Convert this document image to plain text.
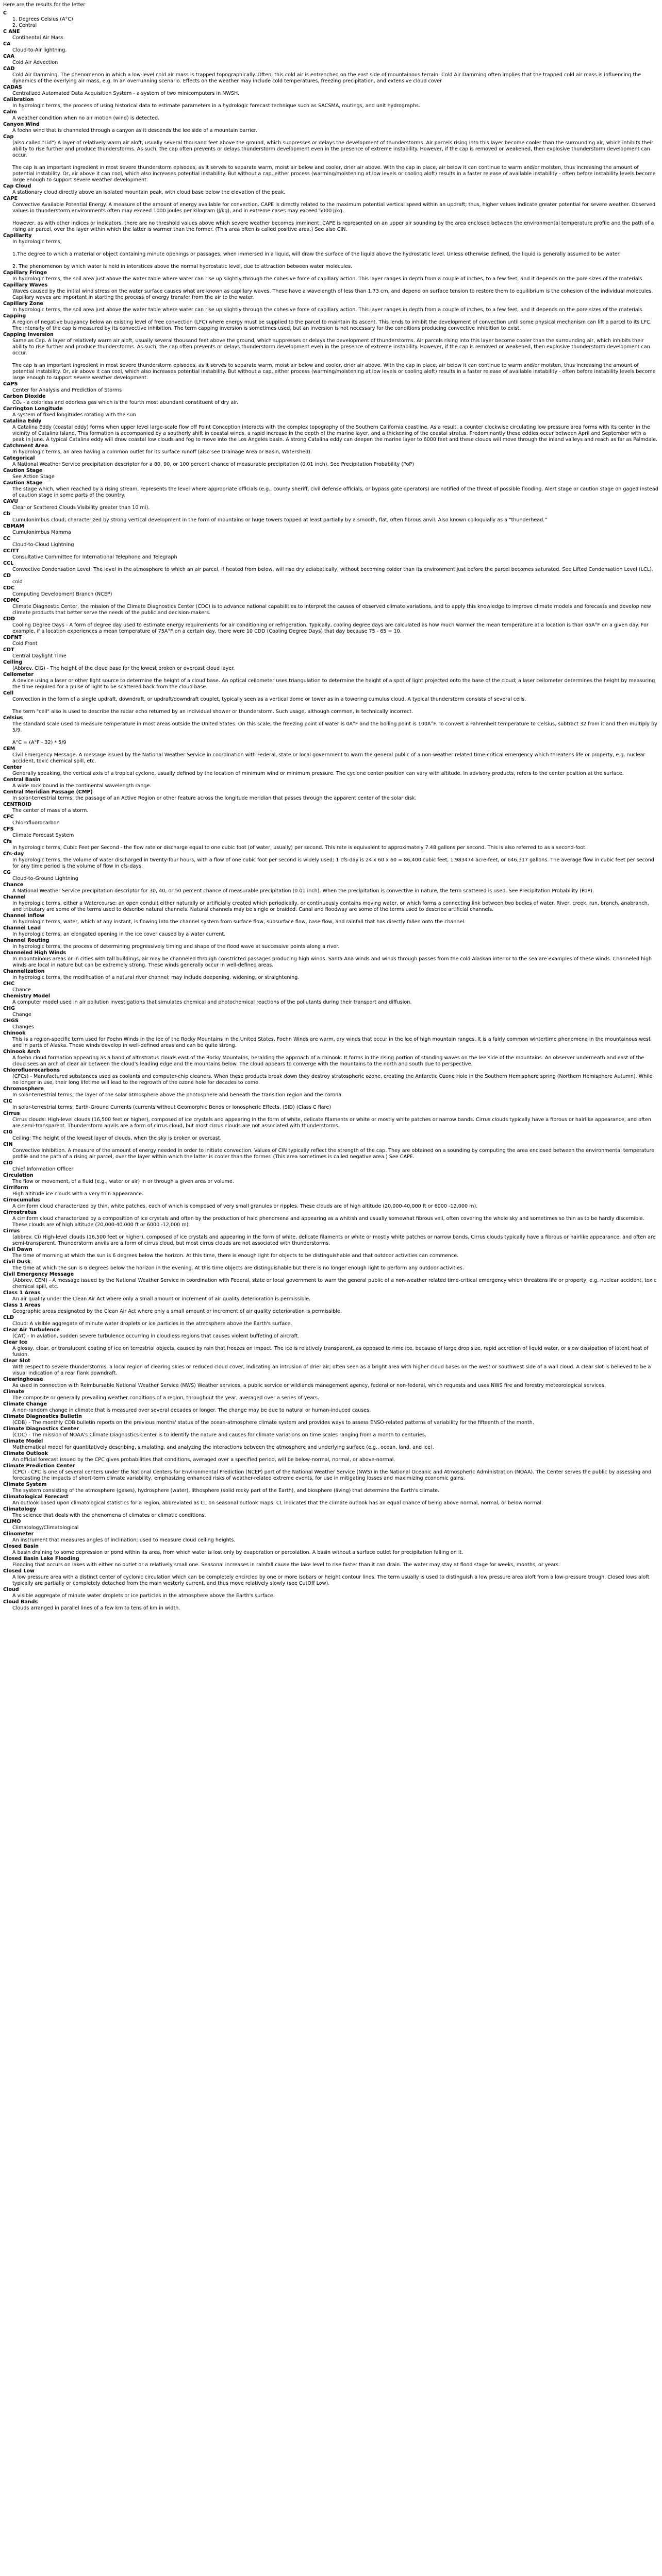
Here are the results for the letter

C

1. Degrees Celsius (A°C)
2. Central
C ANE
Continental Air Mass
CA
Cloud-to-Air lightning.
CAA
Cold Air Advection
CAD
Cold Air Damming. The phenomenon in which a low-level cold air mass is trapped topographically. Often, this cold air is entrenched on the east side of mountainous terrain. Cold Air Damming often implies that the trapped cold air mass is influencing the dynamics of the overlying air mass, e.g. In an overrunning scenario. Effects on the weather may include cold temperatures, freezing precipitation, and extensive cloud cover
CADAS
Centralized Automated Data Acquisition System - a system of two minicomputers in NWSH.
Calibration
In hydrologic terms, the process of using historical data to estimate parameters in a hydrologic forecast technique such as SACSMA, routings, and unit hydrographs.
Calm
A weather condition when no air motion (wind) is detected.
Canyon Wind
A foehn wind that is channeled through a canyon as it descends the lee side of a mountain barrier.
Cap
(also called "Lid") A layer of relatively warm air aloft, usually several thousand feet above the ground, which suppresses or delays the development of thunderstorms. Air parcels rising into this layer become cooler than the surrounding air, which inhibits their ability to rise further and produce thunderstorms. As such, the cap often prevents or delays thunderstorm development even in the presence of extreme instability. However, if the cap is removed or weakened, then explosive thunderstorm development can occur.

The cap is an important ingredient in most severe thunderstorm episodes, as it serves to separate warm, moist air below and cooler, drier air above. With the cap in place, air below it can continue to warm and/or moisten, thus increasing the amount of potential instability. Or, air above it can cool, which also increases potential instability. But without a cap, either process (warming/moistening at low levels or cooling aloft) results in a faster release of available instability - often before instability levels become large enough to support severe weather development.
Cap Cloud
A stationary cloud directly above an isolated mountain peak, with cloud base below the elevation of the peak.
CAPE
Convective Available Potential Energy. A measure of the amount of energy available for convection. CAPE is directly related to the maximum potential vertical speed within an updraft; thus, higher values indicate greater potential for severe weather. Observed values in thunderstorm environments often may exceed 1000 joules per kilogram (J/kg), and in extreme cases may exceed 5000 J/kg.

However, as with other indices or indicators, there are no threshold values above which severe weather becomes imminent. CAPE is represented on an upper air sounding by the area enclosed between the environmental temperature profile and the path of a rising air parcel, over the layer within which the latter is warmer than the former. (This area often is called positive area.) See also CIN.
Capillarity
In hydrologic terms,

1.The degree to which a material or object containing minute openings or passages, when immersed in a liquid, will draw the surface of the liquid above the hydrostatic level. Unless otherwise defined, the liquid is generally assumed to be water.

2. The phenomenon by which water is held in interstices above the normal hydrostatic level, due to attraction between water molecules.
Capillary Fringe
In hydrologic terms, the soil area just above the water table where water can rise up slightly through the cohesive force of capillary action. This layer ranges in depth from a couple of inches, to a few feet, and it depends on the pore sizes of the materials.
Capillary Waves
Waves caused by the initial wind stress on the water surface causes what are known as capillary waves. These have a wavelength of less than 1.73 cm, and depend on surface tension to restore them to equilibrium is the cohesion of the individual molecules. Capillary waves are important in starting the process of energy transfer from the air to the water.
Capillary Zone
In hydrologic terms, the soil area just above the water table where water can rise up slightly through the cohesive force of capillary action. This layer ranges in depth from a couple of inches, to a few feet, and it depends on the pore sizes of the materials.
Capping
A region of negative buoyancy below an existing level of free convection (LFC) where energy must be supplied to the parcel to maintain its ascent. This lends to inhibit the development of convection until some physical mechanism can lift a parcel to its LFC. The intensity of the cap is measured by its convective inhibition. The term capping inversion is sometimes used, but an inversion is not necessary for the conditions producing convective inhibition to exist.
Capping Inversion
Same as Cap. A layer of relatively warm air aloft, usually several thousand feet above the ground, which suppresses or delays the development of thunderstorms. Air parcels rising into this layer become cooler than the surrounding air, which inhibits their ability to rise further and produce thunderstorms. As such, the cap often prevents or delays thunderstorm development even in the presence of extreme instability. However, if the cap is removed or weakened, then explosive thunderstorm development can occur.

The cap is an important ingredient in most severe thunderstorm episodes, as it serves to separate warm, moist air below and cooler, drier air above. With the cap in place, air below it can continue to warm and/or moisten, thus increasing the amount of potential instability. Or, air above it can cool, which also increases potential instability. But without a cap, either process (warming/moistening at low levels or cooling aloft) results in a faster release of available instability - often before instability levels become large enough to support severe weather development.
CAPS
Center for Analysis and Prediction of Storms
Carbon Dioxide
CO₂ - a colorless and odorless gas which is the fourth most abundant constituent of dry air.
Carrington Longitude
A system of fixed longitudes rotating with the sun
Catalina Eddy
A Catalina Eddy (coastal eddy) forms when upper level large-scale flow off Point Conception interacts with the complex topography of the Southern California coastline. As a result, a counter clockwise circulating low pressure area forms with its center in the vicinity of Catalina Island. This formation is accompanied by a southerly shift in coastal winds, a rapid increase in the depth of the marine layer, and a thickening of the coastal stratus. Predominantly these eddies occur between April and September with a peak in June. A typical Catalina eddy will draw coastal low clouds and fog to move into the Los Angeles basin. A strong Catalina eddy can deepen the marine layer to 6000 feet and these clouds will move through the inland valleys and reach as far as Palmdale.
Catchment Area
In hydrologic terms, an area having a common outlet for its surface runoff (also see Drainage Area or Basin, Watershed).
Categorical
A National Weather Service precipitation descriptor for a 80, 90, or 100 percent chance of measurable precipitation (0.01 inch). See Precipitation Probability (PoP)
Caution Stage
See Action Stage
Caution Stage
The stage which, when reached by a rising stream, represents the level where appropriate officials (e.g., county sheriff, civil defense officials, or bypass gate operators) are notified of the threat of possible flooding. Alert stage or caution stage on gaged instead of caution stage in some parts of the country.
CAVU
Clear or Scattered Clouds Visibility greater than 10 mi).
Cb
Cumulonimbus cloud; characterized by strong vertical development in the form of mountains or huge towers topped at least partially by a smooth, flat, often fibrous anvil. Also known colloquially as a "thunderhead."
CBMAM
Cumulonimbus Mamma
CC
Cloud-to-Cloud Lightning
CCITT
Consultative Committee for International Telephone and Telegraph
CCL
Convective Condensation Level: The level in the atmosphere to which an air parcel, if heated from below, will rise dry adiabatically, without becoming colder than its environment just before the parcel becomes saturated. See Lifted Condensation Level (LCL).
CD
cold
CDC
Computing Development Branch (NCEP)
CDMC
Climate Diagnostic Center, the mission of the Climate Diagnostics Center (CDC) is to advance national capabilities to interpret the causes of observed climate variations, and to apply this knowledge to improve climate models and forecasts and develop new climate products that better serve the needs of the public and decision-makers.
CDD
Cooling Degree Days - A form of degree day used to estimate energy requirements for air conditioning or refrigeration. Typically, cooling degree days are calculated as how much warmer the mean temperature at a location is than 65A°F on a given day. For example, if a location experiences a mean temperature of 75A°F on a certain day, there were 10 CDD (Cooling Degree Days) that day because 75 - 65 = 10.
CDFNT
Cold Front
CDT
Central Daylight Time
Ceiling
(Abbrev. CIG) - The height of the cloud base for the lowest broken or overcast cloud layer.
Ceilometer
A device using a laser or other light source to determine the height of a cloud base. An optical ceilometer uses triangulation to determine the height of a spot of light projected onto the base of the cloud; a laser ceilometer determines the height by measuring the time required for a pulse of light to be scattered back from the cloud base.
Cell
Convection in the form of a single updraft, downdraft, or updraft/downdraft couplet, typically seen as a vertical dome or tower as in a towering cumulus cloud. A typical thunderstorm consists of several cells.

The term "cell" also is used to describe the radar echo returned by an individual shower or thunderstorm. Such usage, although common, is technically incorrect.
Celsius
The standard scale used to measure temperature in most areas outside the United States. On this scale, the freezing point of water is 0A°F and the boiling point is 100A°F. To convert a Fahrenheit temperature to Celsius, subtract 32 from it and then multiply by 5/9.

A°C = (A°F - 32) * 5/9
CEM
Civil Emergency Message. A message issued by the National Weather Service in coordination with Federal, state or local government to warn the general public of a non-weather related time-critical emergency which threatens life or property, e.g. nuclear accident, toxic chemical spill, etc.
Center
Generally speaking, the vertical axis of a tropical cyclone, usually defined by the location of minimum wind or minimum pressure. The cyclone center position can vary with altitude. In advisory products, refers to the center position at the surface.
Central Basin
A wide rock bound in the continental wavelength range.
Central Meridian Passage (CMP)
In solar-terrestrial terms, the passage of an Active Region or other feature across the longitude meridian that passes through the apparent center of the solar disk.
CENTROID
The center of mass of a storm.
CFC
Chlorofluorocarbon
CFS
Climate Forecast System
Cfs
In hydrologic terms, Cubic Feet per Second - the flow rate or discharge equal to one cubic foot (of water, usually) per second. This rate is equivalent to approximately 7.48 gallons per second. This is also referred to as a second-foot.
Cfs-day
In hydrologic terms, the volume of water discharged in twenty-four hours, with a flow of one cubic foot per second is widely used; 1 cfs-day is 24 x 60 x 60 = 86,400 cubic feet, 1.983474 acre-feet, or 646,317 gallons. The average flow in cubic feet per second for any time period is the volume of flow in cfs-days.
CG
Cloud-to-Ground Lightning
Chance
A National Weather Service precipitation descriptor for 30, 40, or 50 percent chance of measurable precipitation (0.01 inch). When the precipitation is convective in nature, the term scattered is used. See Precipitation Probability (PoP).
Channel
In hydrologic terms, either a Watercourse; an open conduit either naturally or artificially created which periodically, or continuously contains moving water, or which forms a connecting link between two bodies of water. River, creek, run, branch, anabranch, and tributary are some of the terms used to describe natural channels. Natural channels may be single or braided. Canal and floodway are some of the terms used to describe artificial channels.
Channel Inflow
In hydrologic terms, water, which at any instant, is flowing into the channel system from surface flow, subsurface flow, base flow, and rainfall that has directly fallen onto the channel.
Channel Lead
In hydrologic terms, an elongated opening in the ice cover caused by a water current.
Channel Routing
In hydrologic terms, the process of determining progressively timing and shape of the flood wave at successive points along a river.
Channeled High Winds
In mountainous areas or in cities with tall buildings, air may be channeled through constricted passages producing high winds. Santa Ana winds and winds through passes from the cold Alaskan interior to the sea are examples of these winds. Channeled high winds are local in nature but can be extremely strong. These winds generally occur in well-defined areas.
Channelization
In hydrologic terms, the modification of a natural river channel; may include deepening, widening, or straightening.
CHC
Chance
Chemistry Model
A computer model used in air pollution investigations that simulates chemical and photochemical reactions of the pollutants during their transport and diffusion.
CHG
Change
CHGS
Changes
Chinook
This is a region-specific term used for Foehn Winds in the lee of the Rocky Mountains in the United States. Foehn Winds are warm, dry winds that occur in the lee of high mountain ranges. It is a fairly common wintertime phenomena in the mountainous west and in parts of Alaska. These winds develop in well-defined areas and can be quite strong.
Chinook Arch
A foehn cloud formation appearing as a band of altostratus clouds east of the Rocky Mountains, heralding the approach of a chinook. It forms in the rising portion of standing waves on the lee side of the mountains. An observer underneath and east of the cloud sees an arch of clear air between the cloud's leading edge and the mountains below. The cloud appears to converge with the mountains to the north and south due to perspective.
Chlorofluorocarbons
(CFCs) - Manufactured substances used as coolants and computer-chip cleaners. When these products break down they destroy stratospheric ozone, creating the Antarctic Ozone Hole in the Southern Hemisphere spring (Northern Hemisphere Autumn). While no longer in use, their long lifetime will lead to the regrowth of the ozone hole for decades to come.
Chromosphere
In solar-terrestrial terms, the layer of the solar atmosphere above the photosphere and beneath the transition region and the corona.
CIC
In solar-terrestrial terms, Earth-Ground Currents (currents without Geomorphic Bends or Ionospheric Effects. (SID) (Class C flare)
Cirrus
Cirrus clouds: High-level clouds (16,500 feet or higher), composed of ice crystals and appearing in the form of white, delicate filaments or white or mostly white patches or narrow bands. Cirrus clouds typically have a fibrous or hairlike appearance, and often are semi-transparent. Thunderstorm anvils are a form of cirrus cloud, but most cirrus clouds are not associated with thunderstorms.
CIG
Ceiling: The height of the lowest layer of clouds, when the sky is broken or overcast.
CIN
Convective Inhibition. A measure of the amount of energy needed in order to initiate convection. Values of CIN typically reflect the strength of the cap. They are obtained on a sounding by computing the area enclosed between the environmental temperature profile and the path of a rising air parcel, over the layer within which the latter is cooler than the former. (This area sometimes is called negative area.) See CAPE.
CIO
Chief Information Officer
Circulation
The flow or movement, of a fluid (e.g., water or air) in or through a given area or volume.
Cirriform
High altitude ice clouds with a very thin appearance.
Cirrocumulus
A cirriform cloud characterized by thin, white patches, each of which is composed of very small granules or ripples. These clouds are of high altitude (20,000-40,000 ft or 6000 -12,000 m).
Cirrostratus
A cirriform cloud characterized by a composition of ice crystals and often by the production of halo phenomena and appearing as a whitish and usually somewhat fibrous veil, often covering the whole sky and sometimes so thin as to be hardly discernible. These clouds are of high altitude (20,000-40,000 ft or 6000 -12,000 m).
Cirrus
(abbrev. Ci) High-level clouds (16,500 feet or higher), composed of ice crystals and appearing in the form of white, delicate filaments or white or mostly white patches or narrow bands. Cirrus clouds typically have a fibrous or hairlike appearance, and often are semi-transparent. Thunderstorm anvils are a form of cirrus cloud, but most cirrus clouds are not associated with thunderstorms.
Civil Dawn
The time of morning at which the sun is 6 degrees below the horizon. At this time, there is enough light for objects to be distinguishable and that outdoor activities can commence.
Civil Dusk
The time at which the sun is 6 degrees below the horizon in the evening. At this time objects are distinguishable but there is no longer enough light to perform any outdoor activities.
Civil Emergency Message
(Abbrev. CEM) - A message issued by the National Weather Service in coordination with Federal, state or local government to warn the general public of a non-weather related time-critical emergency which threatens life or property, e.g. nuclear accident, toxic chemical spill, etc.
Class 1 Areas
An air quality under the Clean Air Act where only a small amount or increment of air quality deterioration is permissible.
Class 1 Areas
Geographic areas designated by the Clean Air Act where only a small amount or increment of air quality deterioration is permissible.
CLD
Cloud: A visible aggregate of minute water droplets or ice particles in the atmosphere above the Earth's surface.
Clear Air Turbulence
(CAT) - In aviation, sudden severe turbulence occurring in cloudless regions that causes violent buffeting of aircraft.
Clear Ice
A glossy, clear, or translucent coating of ice on terrestrial objects, caused by rain that freezes on impact. The ice is relatively transparent, as opposed to rime ice, because of large drop size, rapid accretion of liquid water, or slow dissipation of latent heat of fusion.
Clear Slot
With respect to severe thunderstorms, a local region of clearing skies or reduced cloud cover, indicating an intrusion of drier air; often seen as a bright area with higher cloud bases on the west or southwest side of a wall cloud. A clear slot is believed to be a visual indication of a rear flank downdraft.
Clearinghouse
As used in connection with Reimbursable National Weather Service (NWS) Weather services, a public service or wildlands management agency, federal or non-federal, which requests and uses NWS fire and forestry meteorological services.
Climate
The composite or generally prevailing weather conditions of a region, throughout the year, averaged over a series of years.
Climate Change
A non-random change in climate that is measured over several decades or longer. The change may be due to natural or human-induced causes.
Climate Diagnostics Bulletin
(CDB) - The monthly CDB bulletin reports on the previous months' status of the ocean-atmosphere climate system and provides ways to assess ENSO-related patterns of variability for the fifteenth of the month.
Climate Diagnostics Center
(CDC) - The mission of NOAA's Climate Diagnostics Center is to identify the nature and causes for climate variations on time scales ranging from a month to centuries.
Climate Model
Mathematical model for quantitatively describing, simulating, and analyzing the interactions between the atmosphere and underlying surface (e.g., ocean, land, and ice).
Climate Outlook
An official forecast issued by the CPC gives probabilities that conditions, averaged over a specified period, will be below-normal, normal, or above-normal.
Climate Prediction Center
(CPC) - CPC is one of several centers under the National Centers for Environmental Prediction (NCEP) part of the National Weather Service (NWS) in the National Oceanic and Atmospheric Administration (NOAA). The Center serves the public by assessing and forecasting the impacts of short-term climate variability, emphasizing enhanced risks of weather-related extreme events, for use in mitigating losses and maximizing economic gains.
Climate System
The system consisting of the atmosphere (gases), hydrosphere (water), lithosphere (solid rocky part of the Earth), and biosphere (living) that determine the Earth's climate.
Climatological Forecast
An outlook based upon climatological statistics for a region, abbreviated as CL on seasonal outlook maps. CL indicates that the climate outlook has an equal chance of being above normal, normal, or below normal.
Climatology
The science that deals with the phenomena of climates or climatic conditions.
CLIMO
Climatology/Climatological
Clinometer
An instrument that measures angles of inclination; used to measure cloud ceiling heights.
Closed Basin
A basin draining to some depression or pond within its area, from which water is lost only by evaporation or percolation. A basin without a surface outlet for precipitation falling on it.
Closed Basin Lake Flooding
Flooding that occurs on lakes with either no outlet or a relatively small one. Seasonal increases in rainfall cause the lake level to rise faster than it can drain. The water may stay at flood stage for weeks, months, or years.
Closed Low
A low pressure area with a distinct center of cyclonic circulation which can be completely encircled by one or more isobars or height contour lines. The term usually is used to distinguish a low pressure area aloft from a low-pressure trough. Closed lows aloft typically are partially or completely detached from the main westerly current, and thus move relatively slowly (see CutOff Low).
Cloud
A visible aggregate of minute water droplets or ice particles in the atmosphere above the Earth's surface.
Cloud Bands
Clouds arranged in parallel lines of a few km to tens of km in width.
